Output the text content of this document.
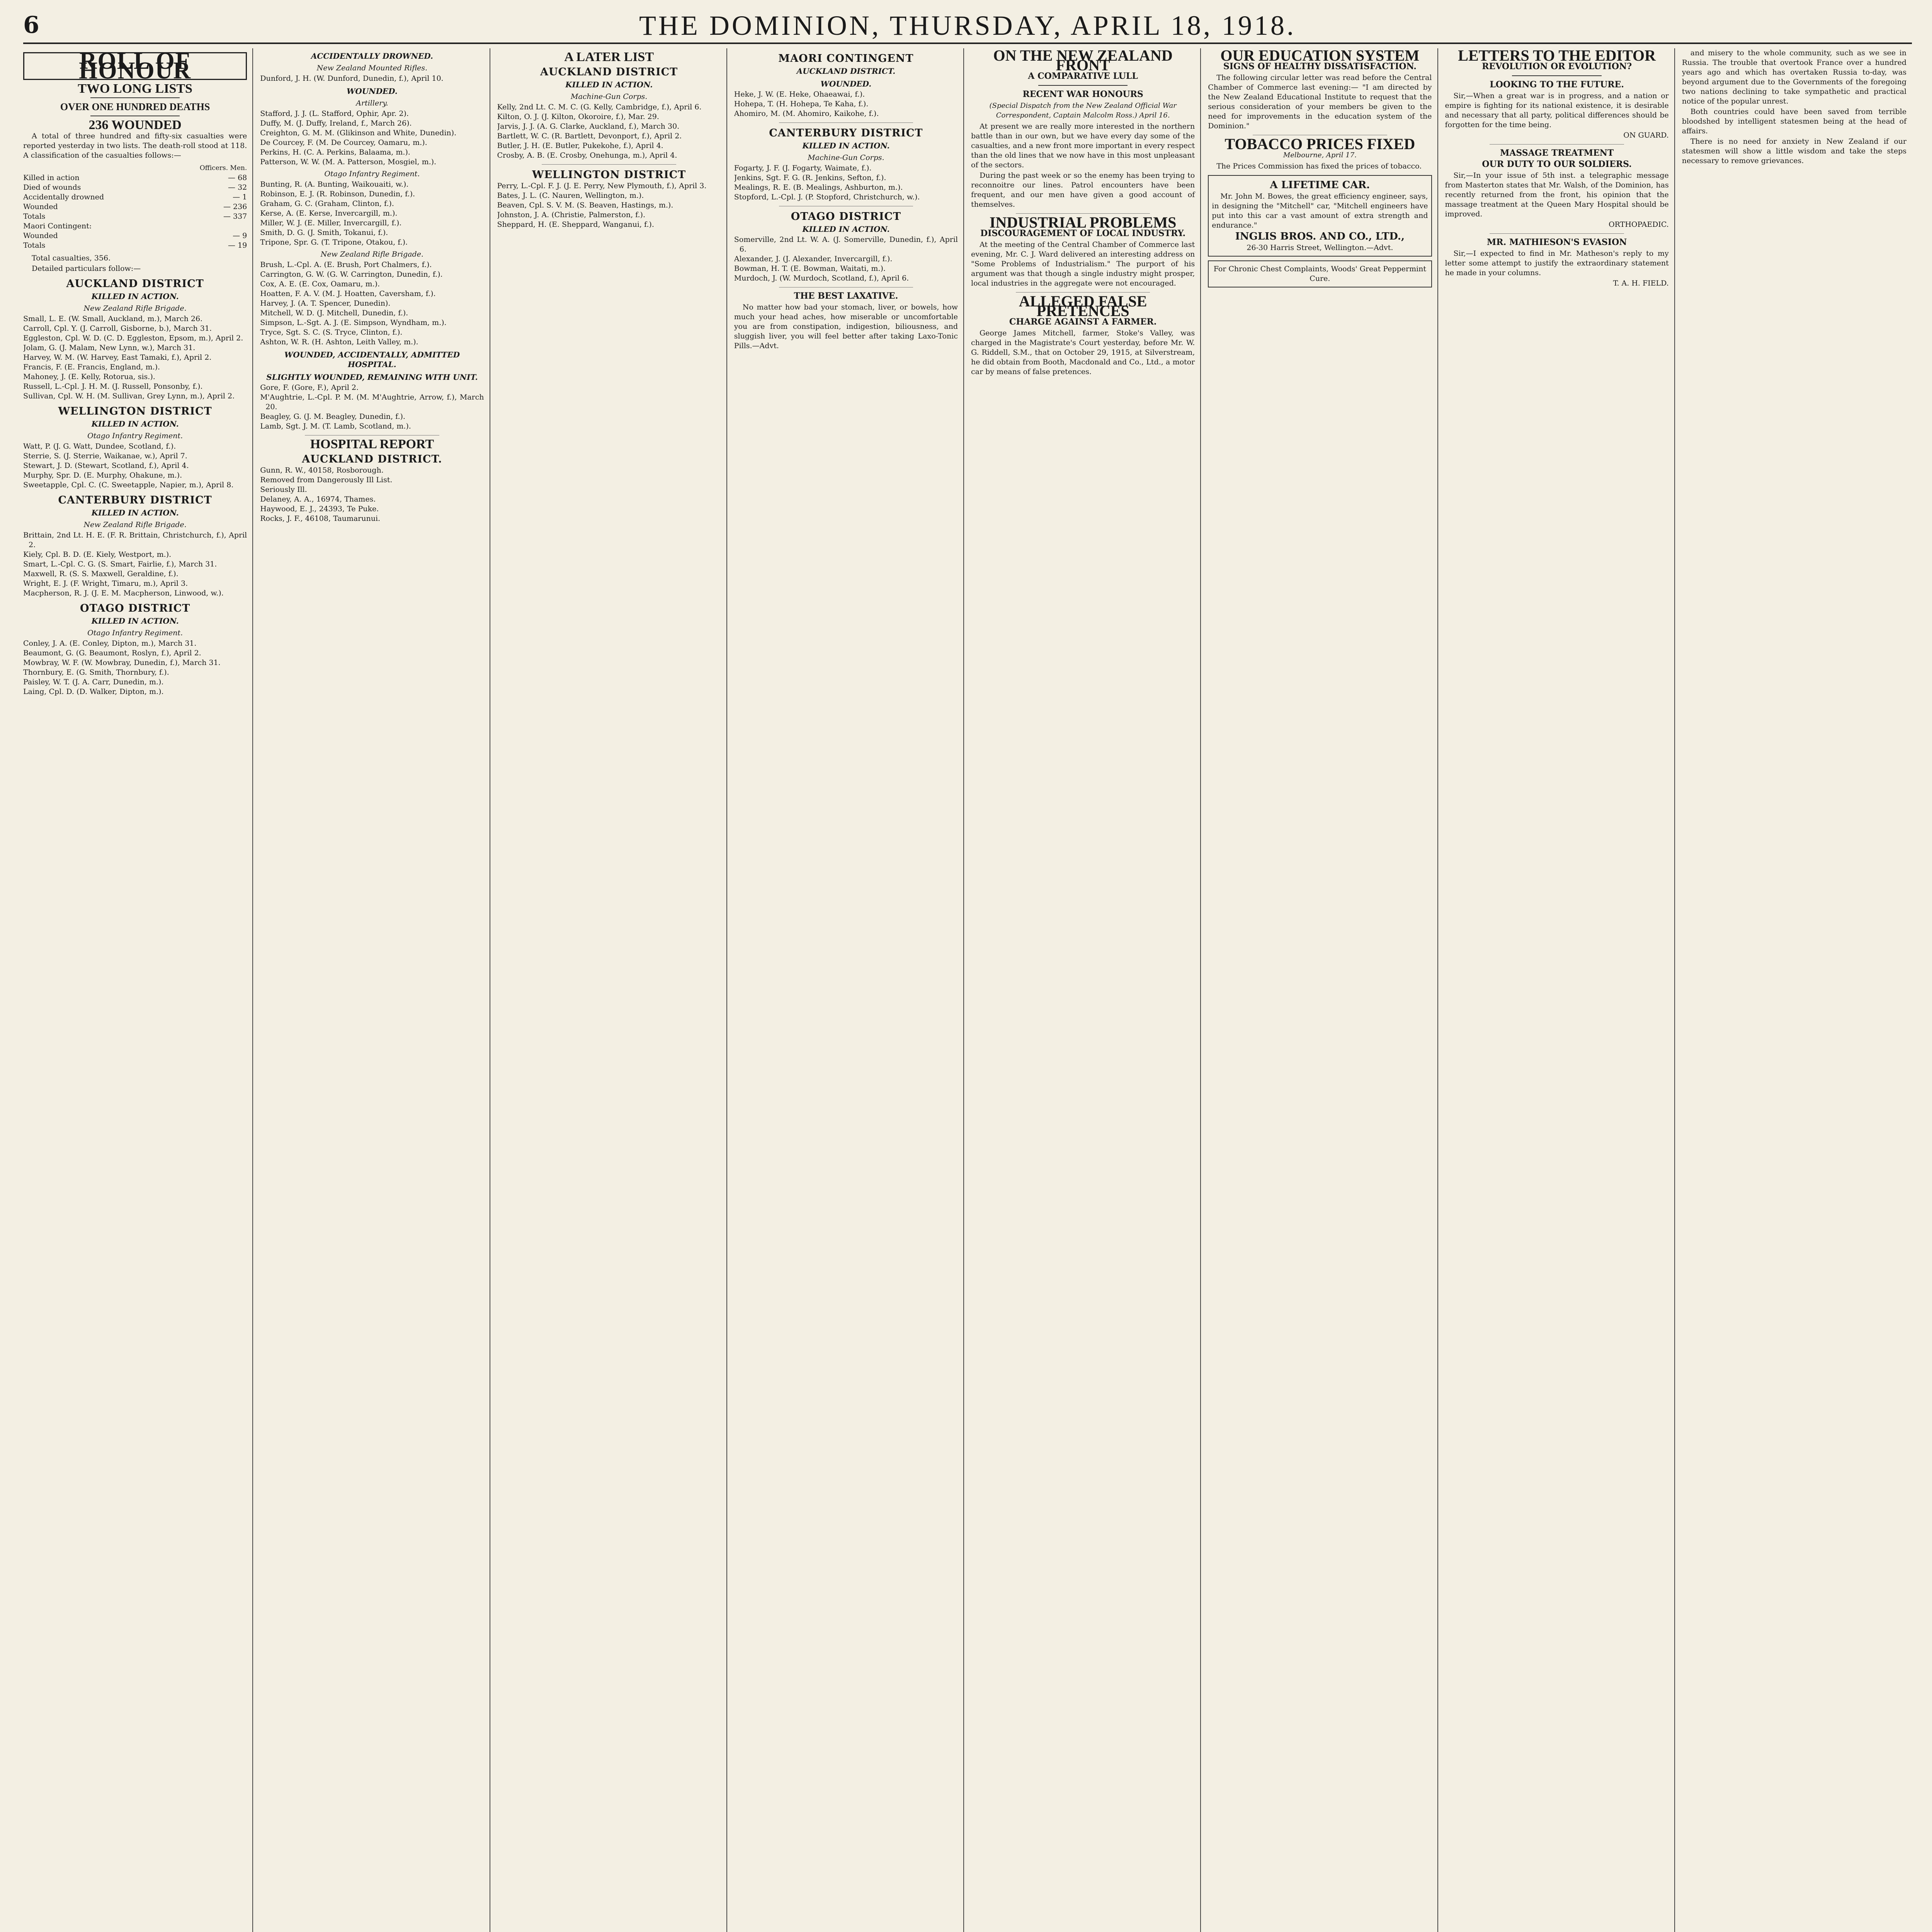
6	THE DOMINION, THURSDAY, APRIL 18, 1918.
ROLL OF HONOUR
TWO LONG LISTS
OVER ONE HUNDRED DEATHS
236 WOUNDED

A total of three hundred and fifty-six casualties were reported yesterday in two lists. The death-roll stood at 118. A classification of the casualties follows:—

Officers. Men.
Killed in action	— 68
Died of wounds	— 32
Accidentally drowned	— 1
Wounded	— 236
Totals	— 337
Maori Contingent:
Wounded	— 9
Totals	— 19

Total casualties, 356.

Detailed particulars follow:—

AUCKLAND DISTRICT
KILLED IN ACTION.
New Zealand Rifle Brigade.

Small, L. E. (W. Small, Auckland, m.), March 26.

Carroll, Cpl. Y. (J. Carroll, Gisborne, b.), March 31.

Eggleston, Cpl. W. D. (C. D. Eggleston, Epsom, m.), April 2.

Jolam, G. (J. Malam, New Lynn, w.), March 31.

Harvey, W. M. (W. Harvey, East Tamaki, f.), April 2.

Francis, F. (E. Francis, England, m.).

Mahoney, J. (E. Kelly, Rotorua, sis.).

Russell, L.-Cpl. J. H. M. (J. Russell, Ponsonby, f.).

Sullivan, Cpl. W. H. (M. Sullivan, Grey Lynn, m.), April 2.

WELLINGTON DISTRICT
KILLED IN ACTION.
Otago Infantry Regiment.

Watt, P. (J. G. Watt, Dundee, Scotland, f.).

Sterrie, S. (J. Sterrie, Waikanae, w.), April 7.

Stewart, J. D. (Stewart, Scotland, f.), April 4.

Murphy, Spr. D. (E. Murphy, Ohakune, m.).

Sweetapple, Cpl. C. (C. Sweetapple, Napier, m.), April 8.

CANTERBURY DISTRICT
KILLED IN ACTION.
New Zealand Rifle Brigade.

Brittain, 2nd Lt. H. E. (F. R. Brittain, Christchurch, f.), April 2.

Kiely, Cpl. B. D. (E. Kiely, Westport, m.).

Smart, L.-Cpl. C. G. (S. Smart, Fairlie, f.), March 31.

Maxwell, R. (S. S. Maxwell, Geraldine, f.).

Wright, E. J. (F. Wright, Timaru, m.), April 3.

Macpherson, R. J. (J. E. M. Macpherson, Linwood, w.).

OTAGO DISTRICT
KILLED IN ACTION.
Otago Infantry Regiment.

Conley, J. A. (E. Conley, Dipton, m.), March 31.

Beaumont, G. (G. Beaumont, Roslyn, f.), April 2.

Mowbray, W. F. (W. Mowbray, Dunedin, f.), March 31.

Thornbury, E. (G. Smith, Thornbury, f.).

Paisley, W. T. (J. A. Carr, Dunedin, m.).

Laing, Cpl. D. (D. Walker, Dipton, m.).

ACCIDENTALLY DROWNED.
New Zealand Mounted Rifles.

Dunford, J. H. (W. Dunford, Dunedin, f.), April 10.

WOUNDED.
Artillery.

Stafford, J. J. (L. Stafford, Ophir, Apr. 2).

Duffy, M. (J. Duffy, Ireland, f., March 26).

Creighton, G. M. M. (Glikinson and White, Dunedin).

De Courcey, F. (M. De Courcey, Oamaru, m.).

Perkins, H. (C. A. Perkins, Balaama, m.).

Patterson, W. W. (M. A. Patterson, Mosgiel, m.).

Otago Infantry Regiment.

Bunting, R. (A. Bunting, Waikouaiti, w.).

Robinson, E. J. (R. Robinson, Dunedin, f.).

Graham, G. C. (Graham, Clinton, f.).

Kerse, A. (E. Kerse, Invercargill, m.).

Miller, W. J. (E. Miller, Invercargill, f.).

Smith, D. G. (J. Smith, Tokanui, f.).

Tripone, Spr. G. (T. Tripone, Otakou, f.).

New Zealand Rifle Brigade.

Brush, L.-Cpl. A. (E. Brush, Port Chalmers, f.).

Carrington, G. W. (G. W. Carrington, Dunedin, f.).

Cox, A. E. (E. Cox, Oamaru, m.).

Hoatten, F. A. V. (M. J. Hoatten, Caversham, f.).

Harvey, J. (A. T. Spencer, Dunedin).

Mitchell, W. D. (J. Mitchell, Dunedin, f.).

Simpson, L.-Sgt. A. J. (E. Simpson, Wyndham, m.).

Tryce, Sgt. S. C. (S. Tryce, Clinton, f.).

Ashton, W. R. (H. Ashton, Leith Valley, m.).

WOUNDED, ACCIDENTALLY, ADMITTED HOSPITAL.
SLIGHTLY WOUNDED, REMAINING WITH UNIT.

Gore, F. (Gore, F.), April 2.

M'Aughtrie, L.-Cpl. P. M. (M. M'Aughtrie, Arrow, f.), March 20.

Beagley, G. (J. M. Beagley, Dunedin, f.).

Lamb, Sgt. J. M. (T. Lamb, Scotland, m.).

HOSPITAL REPORT
AUCKLAND DISTRICT.

Gunn, R. W., 40158, Rosborough.

Removed from Dangerously Ill List.

Seriously Ill.

Delaney, A. A., 16974, Thames.

Haywood, E. J., 24393, Te Puke.

Rocks, J. F., 46108, Taumarunui.

A LATER LIST
AUCKLAND DISTRICT
KILLED IN ACTION.
Machine-Gun Corps.

Kelly, 2nd Lt. C. M. C. (G. Kelly, Cambridge, f.), April 6.

Kilton, O. J. (J. Kilton, Okoroire, f.), Mar. 29.

Jarvis, J. J. (A. G. Clarke, Auckland, f.), March 30.

Bartlett, W. C. (R. Bartlett, Devonport, f.), April 2.

Butler, J. H. (E. Butler, Pukekohe, f.), April 4.

Crosby, A. B. (E. Crosby, Onehunga, m.), April 4.

WELLINGTON DISTRICT

Perry, L.-Cpl. F. J. (J. E. Perry, New Plymouth, f.), April 3.

Bates, J. L. (C. Nauren, Wellington, m.).

Beaven, Cpl. S. V. M. (S. Beaven, Hastings, m.).

Johnston, J. A. (Christie, Palmerston, f.).

Sheppard, H. (E. Sheppard, Wanganui, f.).

MAORI CONTINGENT
AUCKLAND DISTRICT.
WOUNDED.

Heke, J. W. (E. Heke, Ohaeawai, f.).

Hohepa, T. (H. Hohepa, Te Kaha, f.).

Ahomiro, M. (M. Ahomiro, Kaikohe, f.).

CANTERBURY DISTRICT
KILLED IN ACTION.
Machine-Gun Corps.

Fogarty, J. F. (J. Fogarty, Waimate, f.).

Jenkins, Sgt. F. G. (R. Jenkins, Sefton, f.).

Mealings, R. E. (B. Mealings, Ashburton, m.).

Stopford, L.-Cpl. J. (P. Stopford, Christchurch, w.).

OTAGO DISTRICT
KILLED IN ACTION.

Somerville, 2nd Lt. W. A. (J. Somerville, Dunedin, f.), April 6.

Alexander, J. (J. Alexander, Invercargill, f.).

Bowman, H. T. (E. Bowman, Waitati, m.).

Murdoch, J. (W. Murdoch, Scotland, f.), April 6.

THE BEST LAXATIVE.

No matter how bad your stomach, liver, or bowels, how much your head aches, how miserable or uncomfortable you are from constipation, indigestion, biliousness, and sluggish liver, you will feel better after taking Laxo-Tonic Pills.—Advt.

ON THE NEW ZEALAND FRONT
A COMPARATIVE LULL
RECENT WAR HONOURS
(Special Dispatch from the New Zealand Official War Correspondent, Captain Malcolm Ross.) April 16.

At present we are really more interested in the northern battle than in our own, but we have every day some of the casualties, and a new front more important in every respect than the old lines that we now have in this most unpleasant of the sectors.

During the past week or so the enemy has been trying to reconnoitre our lines. Patrol encounters have been frequent, and our men have given a good account of themselves.

INDUSTRIAL PROBLEMS
DISCOURAGEMENT OF LOCAL INDUSTRY.

At the meeting of the Central Chamber of Commerce last evening, Mr. C. J. Ward delivered an interesting address on "Some Problems of Industrialism." The purport of his argument was that though a single industry might prosper, local industries in the aggregate were not encouraged.

ALLEGED FALSE PRETENCES
CHARGE AGAINST A FARMER.

George James Mitchell, farmer, Stoke's Valley, was charged in the Magistrate's Court yesterday, before Mr. W. G. Riddell, S.M., that on October 29, 1915, at Silverstream, he did obtain from Booth, Macdonald and Co., Ltd., a motor car by means of false pretences.

OUR EDUCATION SYSTEM
SIGNS OF HEALTHY DISSATISFACTION.

The following circular letter was read before the Central Chamber of Commerce last evening:— "I am directed by the New Zealand Educational Institute to request that the serious consideration of your members be given to the need for improvements in the education system of the Dominion."

TOBACCO PRICES FIXED
Melbourne, April 17.

The Prices Commission has fixed the prices of tobacco.

A LIFETIME CAR.

Mr. John M. Bowes, the great efficiency engineer, says, in designing the "Mitchell" car, "Mitchell engineers have put into this car a vast amount of extra strength and endurance."

INGLIS BROS. AND CO., LTD.,
26-30 Harris Street, Wellington.—Advt.
For Chronic Chest Complaints, Woods' Great Peppermint Cure.
LETTERS TO THE EDITOR
REVOLUTION OR EVOLUTION?
LOOKING TO THE FUTURE.

Sir,—When a great war is in progress, and a nation or empire is fighting for its national existence, it is desirable and necessary that all party, political differences should be forgotten for the time being.

ON GUARD.
MASSAGE TREATMENT
OUR DUTY TO OUR SOLDIERS.

Sir,—In your issue of 5th inst. a telegraphic message from Masterton states that Mr. Walsh, of the Dominion, has recently returned from the front, his opinion that the massage treatment at the Queen Mary Hospital should be improved.

ORTHOPAEDIC.
MR. MATHIESON'S EVASION

Sir,—I expected to find in Mr. Matheson's reply to my letter some attempt to justify the extraordinary statement he made in your columns.

T. A. H. FIELD.

and misery to the whole community, such as we see in Russia. The trouble that overtook France over a hundred years ago and which has overtaken Russia to-day, was beyond argument due to the Governments of the foregoing two nations declining to take sympathetic and practical notice of the popular unrest.

Both countries could have been saved from terrible bloodshed by intelligent statesmen being at the head of affairs.

There is no need for anxiety in New Zealand if our statesmen will show a little wisdom and take the steps necessary to remove grievances.
